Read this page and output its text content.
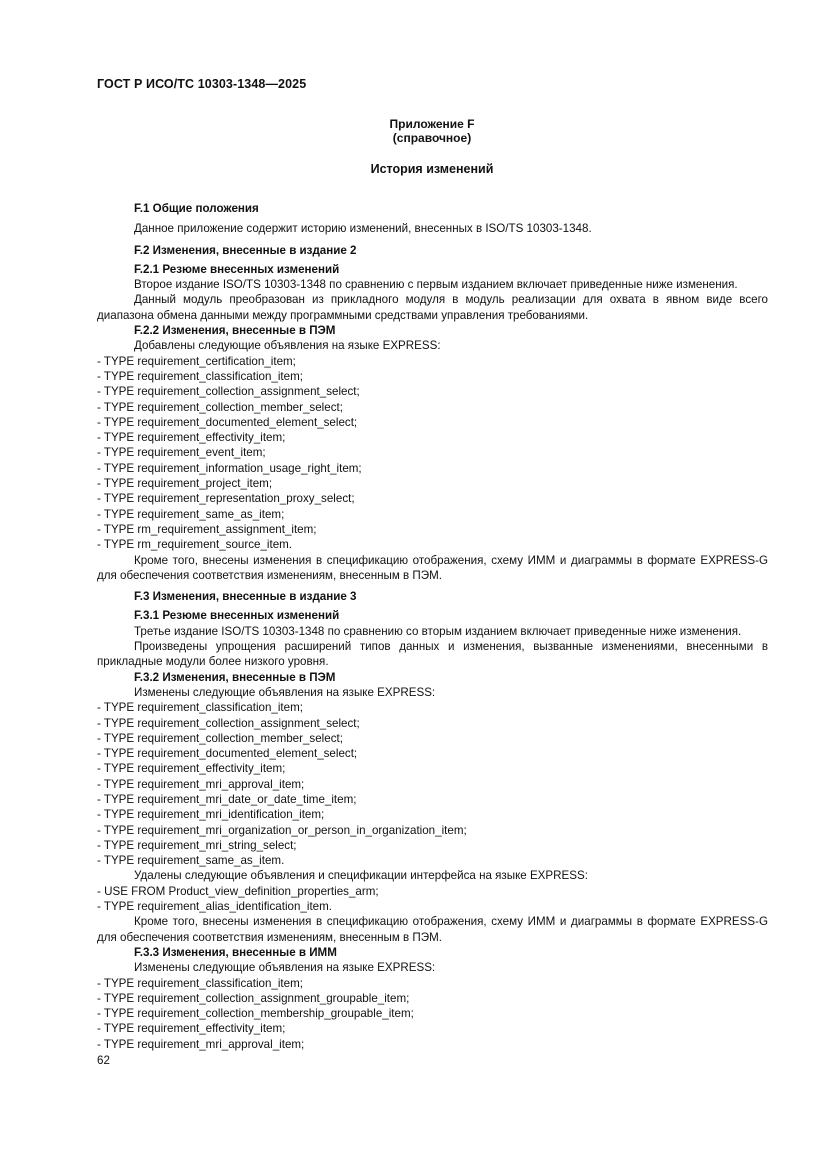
ГОСТ Р ИСО/ТС 10303-1348—2025
Приложение F
(справочное)
История изменений

F.1 Общие положения

Данное приложение содержит историю изменений, внесенных в ISO/TS 10303-1348.

F.2 Изменения, внесенные в издание 2

F.2.1 Резюме внесенных изменений

Второе издание ISO/TS 10303-1348 по сравнению с первым изданием включает приведенные ниже изменения.

Данный модуль преобразован из прикладного модуля в модуль реализации для охвата в явном виде всего диапазона обмена данными между программными средствами управления требованиями.

F.2.2 Изменения, внесенные в ПЭМ

Добавлены следующие объявления на языке EXPRESS:

- TYPE requirement_certification_item;

- TYPE requirement_classification_item;

- TYPE requirement_collection_assignment_select;

- TYPE requirement_collection_member_select;

- TYPE requirement_documented_element_select;

- TYPE requirement_effectivity_item;

- TYPE requirement_event_item;

- TYPE requirement_information_usage_right_item;

- TYPE requirement_project_item;

- TYPE requirement_representation_proxy_select;

- TYPE requirement_same_as_item;

- TYPE rm_requirement_assignment_item;

- TYPE rm_requirement_source_item.

Кроме того, внесены изменения в спецификацию отображения, схему ИММ и диаграммы в формате EXPRESS-G для обеспечения соответствия изменениям, внесенным в ПЭМ.

F.3 Изменения, внесенные в издание 3

F.3.1 Резюме внесенных изменений

Третье издание ISO/TS 10303-1348 по сравнению со вторым изданием включает приведенные ниже изменения.

Произведены упрощения расширений типов данных и изменения, вызванные изменениями, внесенными в прикладные модули более низкого уровня.

F.3.2 Изменения, внесенные в ПЭМ

Изменены следующие объявления на языке EXPRESS:

- TYPE requirement_classification_item;

- TYPE requirement_collection_assignment_select;

- TYPE requirement_collection_member_select;

- TYPE requirement_documented_element_select;

- TYPE requirement_effectivity_item;

- TYPE requirement_mri_approval_item;

- TYPE requirement_mri_date_or_date_time_item;

- TYPE requirement_mri_identification_item;

- TYPE requirement_mri_organization_or_person_in_organization_item;

- TYPE requirement_mri_string_select;

- TYPE requirement_same_as_item.

Удалены следующие объявления и спецификации интерфейса на языке EXPRESS:

- USE FROM Product_view_definition_properties_arm;

- TYPE requirement_alias_identification_item.

Кроме того, внесены изменения в спецификацию отображения, схему ИММ и диаграммы в формате EXPRESS-G для обеспечения соответствия изменениям, внесенным в ПЭМ.

F.3.3 Изменения, внесенные в ИММ

Изменены следующие объявления на языке EXPRESS:

- TYPE requirement_classification_item;

- TYPE requirement_collection_assignment_groupable_item;

- TYPE requirement_collection_membership_groupable_item;

- TYPE requirement_effectivity_item;

- TYPE requirement_mri_approval_item;

62
